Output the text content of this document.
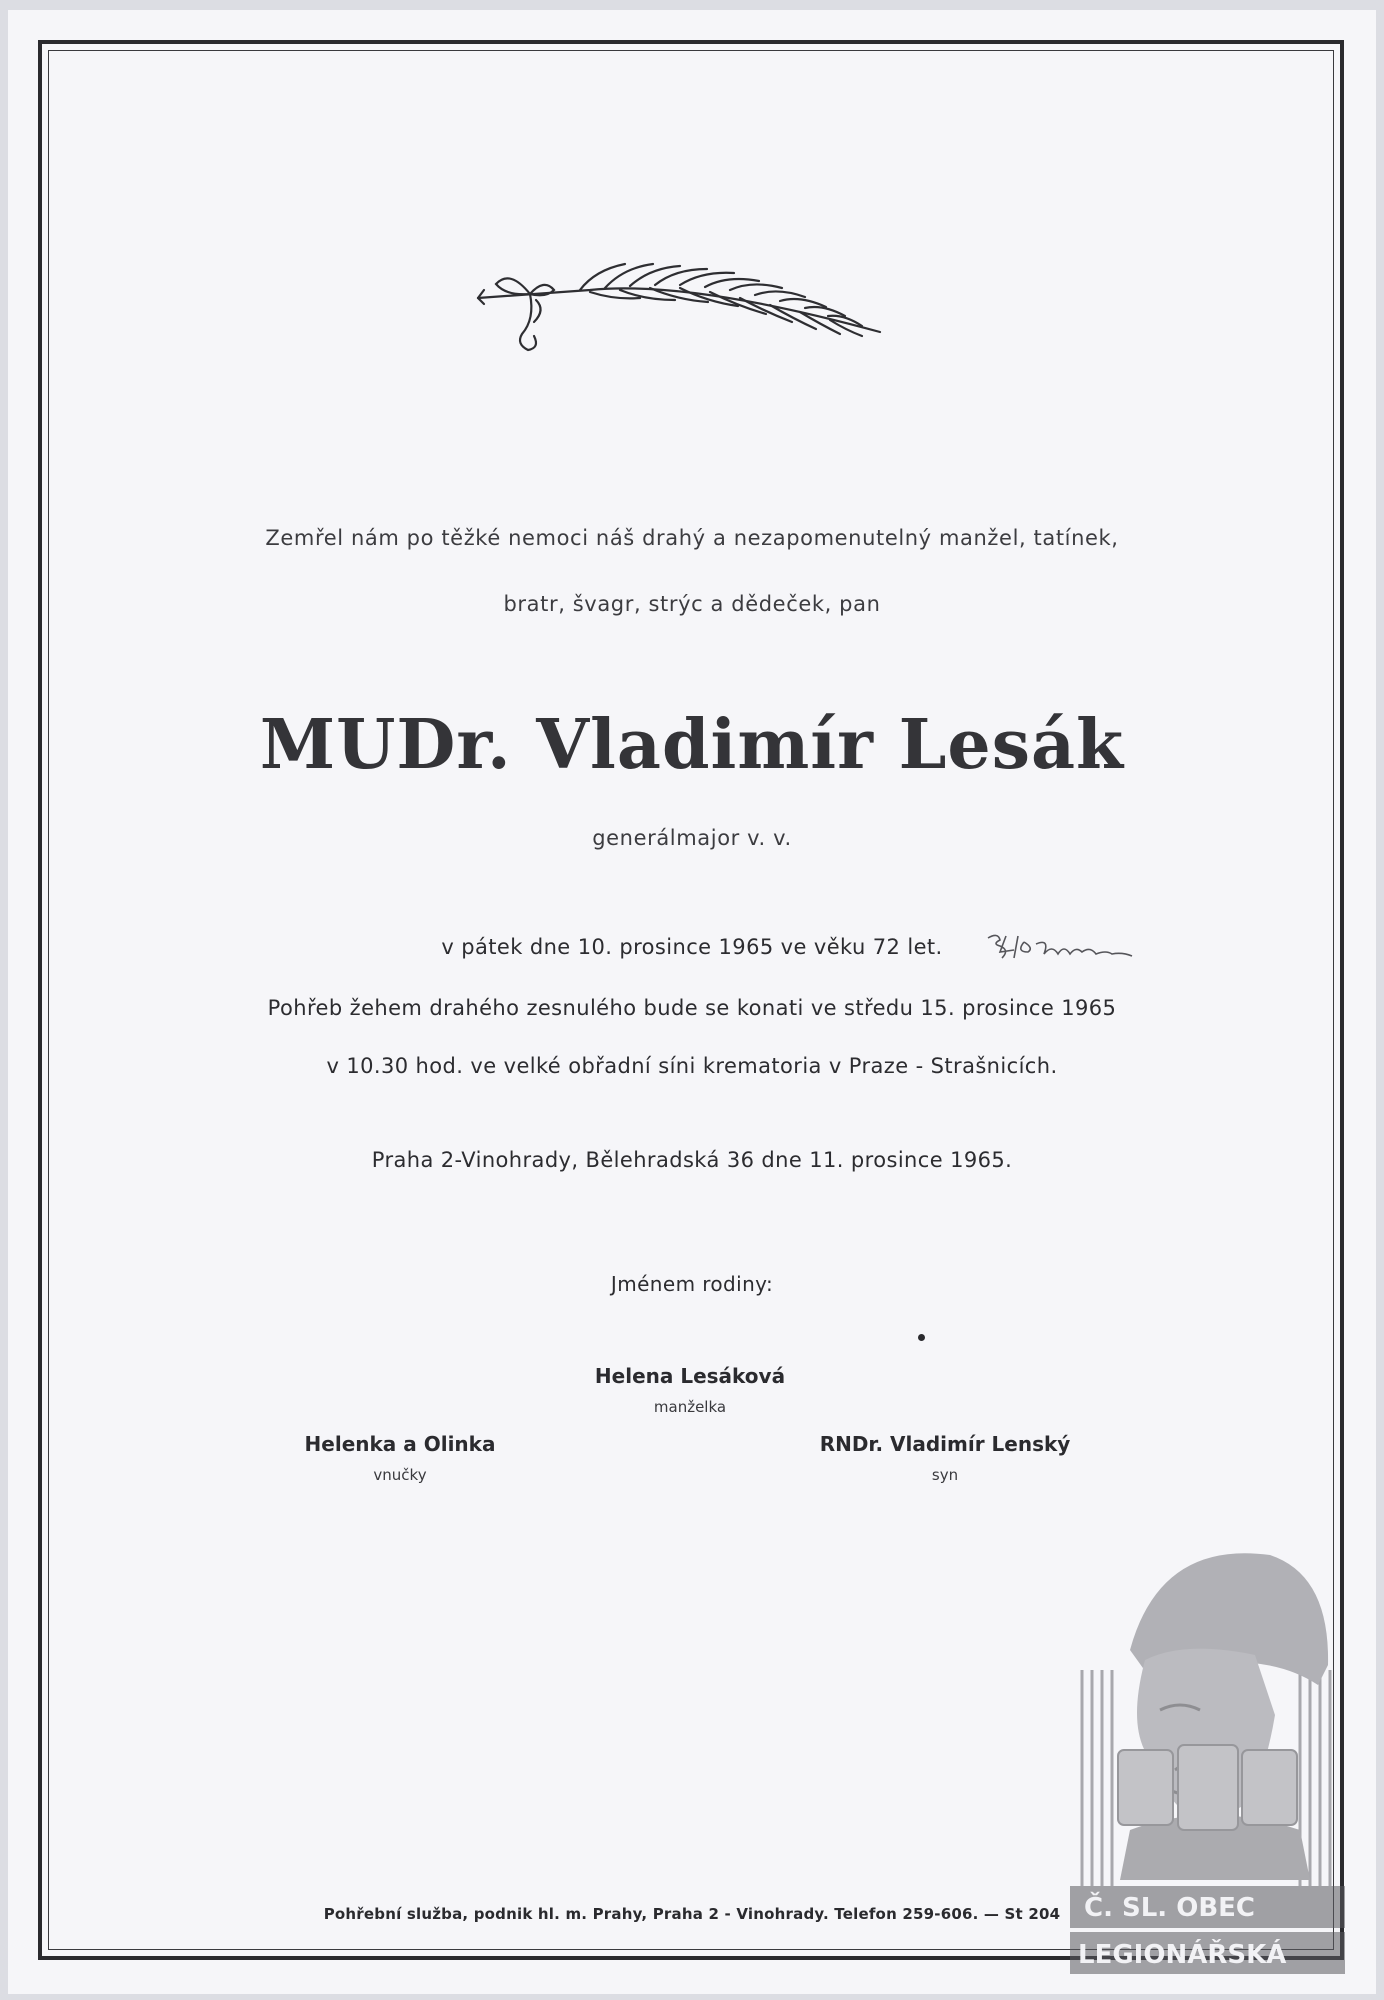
Zemřel nám po těžké nemoci náš drahý a nezapomenutelný manžel, tatínek,
bratr, švagr, strýc a dědeček, pan
MUDr. Vladimír Lesák
generálmajor v. v.
v pátek dne 10. prosince 1965 ve věku 72 let.
Pohřeb žehem drahého zesnulého bude se konati ve středu 15. prosince 1965
v 10.30 hod. ve velké obřadní síni krematoria v Praze - Strašnicích.
Praha 2-Vinohrady, Bělehradská 36 dne 11. prosince 1965.
Jménem rodiny:
Helena Lesáková
manželka
Helenka a Olinka
vnučky
RNDr. Vladimír Lenský
syn
Pohřební služba, podnik hl. m. Prahy, Praha 2 - Vinohrady. Telefon 259-606. — St 204 Č. SL. OBEC
LEGIONÁŘSKÁ
